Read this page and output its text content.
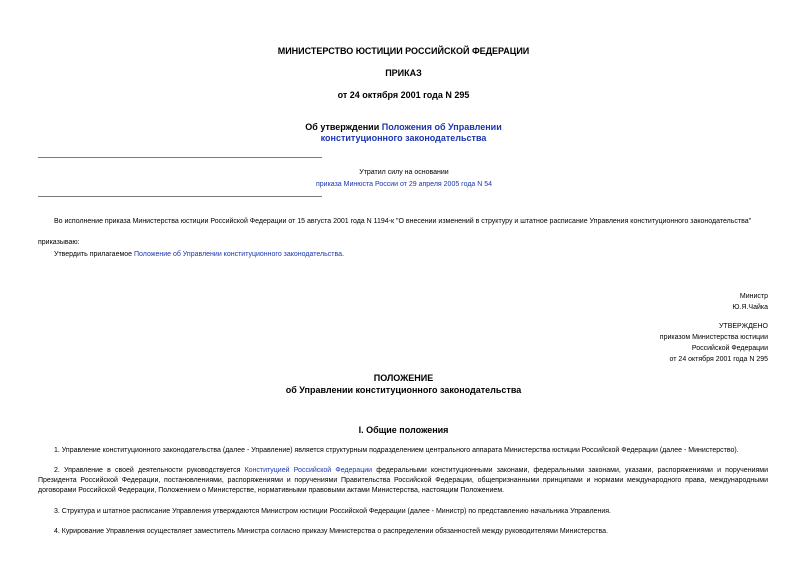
МИНИСТЕРСТВО ЮСТИЦИИ РОССИЙСКОЙ ФЕДЕРАЦИИ
ПРИКАЗ
от 24 октября 2001 года N 295
Об утверждении Положения об Управлении
конституционного законодательства
Утратил силу на основании
приказа Минюста России от 29 апреля 2005 года N 54
Во исполнение приказа Министерства юстиции Российской Федерации от 15 августа 2001 года N 1194-к "О внесении изменений в структуру и штатное расписание Управления конституционного законодательства"
приказываю:
Утвердить прилагаемое Положение об Управлении конституционного законодательства.
Министр
Ю.Я.Чайка
УТВЕРЖДЕНО
приказом Министерства юстиции
Российской Федерации
от 24 октября 2001 года N 295
ПОЛОЖЕНИЕ
об Управлении конституционного законодательства
I. Общие положения
1. Управление конституционного законодательства (далее - Управление) является структурным подразделением центрального аппарата Министерства юстиции Российской Федерации (далее - Министерство).
2. Управление в своей деятельности руководствуется Конституцией Российской Федерации федеральными конституционными законами, федеральными законами, указами, распоряжениями и поручениями Президента Российской Федерации, постановлениями, распоряжениями и поручениями Правительства Российской Федерации, общепризнанными принципами и нормами международного права, международными договорами Российской Федерации, Положением о Министерстве, нормативными правовыми актами Министерства, настоящим Положением.
3. Структура и штатное расписание Управления утверждаются Министром юстиции Российской Федерации (далее - Министр) по представлению начальника Управления.
4. Курирование Управления осуществляет заместитель Министра согласно приказу Министерства о распределении обязанностей между руководителями Министерства.
